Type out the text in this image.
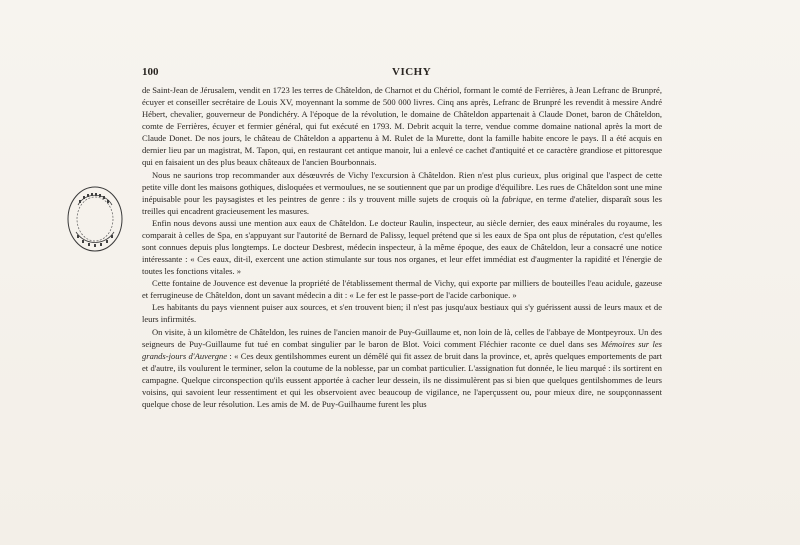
100	VICHY

de Saint-Jean de Jérusalem, vendit en 1723 les terres de Châteldon, de Charnot et du Chériol, formant le comté de Ferrières, à Jean Lefranc de Brunpré, écuyer et conseiller secrétaire de Louis XV, moyennant la somme de 500 000 livres. Cinq ans après, Lefranc de Brunpré les revendit à messire André Hébert, chevalier, gouverneur de Pondichéry. A l'époque de la révolution, le domaine de Châteldon appartenait à Claude Donet, baron de Châteldon, comte de Ferrières, écuyer et fermier général, qui fut exécuté en 1793. M. Debrit acquit la terre, vendue comme domaine national après la mort de Claude Donet. De nos jours, le château de Châteldon a appartenu à M. Rulet de la Murette, dont la famille habite encore le pays. Il a été acquis en dernier lieu par un magistrat, M. Tapon, qui, en restaurant cet antique manoir, lui a enlevé ce cachet d'antiquité et ce caractère grandiose et pittoresque qui en faisaient un des plus beaux châteaux de l'ancien Bourbonnais.

Nous ne saurions trop recommander aux désœuvrés de Vichy l'excursion à Châteldon. Rien n'est plus curieux, plus original que l'aspect de cette petite ville dont les maisons gothiques, disloquées et vermoulues, ne se soutiennent que par un prodige d'équilibre. Les rues de Châteldon sont une mine inépuisable pour les paysagistes et les peintres de genre : ils y trouvent mille sujets de croquis où la fabrique, en terme d'atelier, disparaît sous les treilles qui encadrent gracieusement les masures.

Enfin nous devons aussi une mention aux eaux de Châteldon. Le docteur Raulin, inspecteur, au siècle dernier, des eaux minérales du royaume, les comparait à celles de Spa, en s'appuyant sur l'autorité de Bernard de Palissy, lequel prétend que si les eaux de Spa ont plus de réputation, c'est qu'elles sont connues depuis plus longtemps. Le docteur Desbrest, médecin inspecteur, à la même époque, des eaux de Châteldon, leur a consacré une notice intéressante : « Ces eaux, dit-il, exercent une action stimulante sur tous nos organes, et leur effet immédiat est d'augmenter la rapidité et l'énergie de toutes les fonctions vitales. »

Cette fontaine de Jouvence est devenue la propriété de l'établissement thermal de Vichy, qui exporte par milliers de bouteilles l'eau acidule, gazeuse et ferrugineuse de Châteldon, dont un savant médecin a dit : « Le fer est le passe-port de l'acide carbonique. »

Les habitants du pays viennent puiser aux sources, et s'en trouvent bien; il n'est pas jusqu'aux bestiaux qui s'y guérissent aussi de leurs maux et de leurs infirmités.

On visite, à un kilomètre de Châteldon, les ruines de l'ancien manoir de Puy-Guillaume et, non loin de là, celles de l'abbaye de Montpeyroux. Un des seigneurs de Puy-Guillaume fut tué en combat singulier par le baron de Blot. Voici comment Fléchier raconte ce duel dans ses Mémoires sur les grands-jours d'Auvergne : « Ces deux gentilshommes eurent un démêlé qui fit assez de bruit dans la province, et, après quelques emportements de part et d'autre, ils voulurent le terminer, selon la coutume de la noblesse, par un combat particulier. L'assignation fut donnée, le lieu marqué : ils sortirent en campagne. Quelque circonspection qu'ils eussent apportée à cacher leur dessein, ils ne dissimulèrent pas si bien que quelques gentilshommes de leurs voisins, qui savoient leur ressentiment et qui les observoient avec beaucoup de vigilance, ne l'aperçussent ou, pour mieux dire, ne soupçonnassent quelque chose de leur résolution. Les amis de M. de Puy-Guilhaume furent les plus
